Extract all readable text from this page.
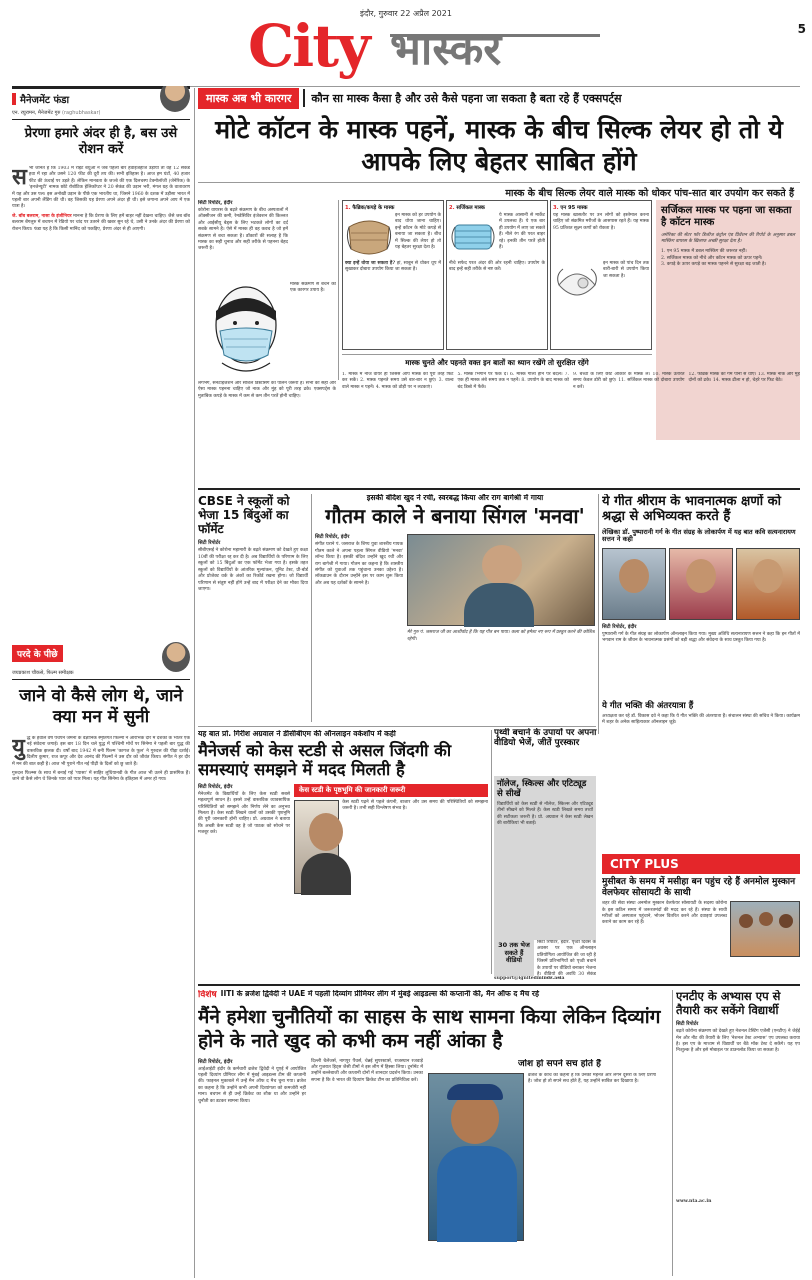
इंदौर, गुरुवार 22 अप्रैल 2021
5
City भास्कर
मैनेजमेंट फंडा
एन. रघुरामन, मैनेजमेंट गुरु (raghubhaskar)
प्रेरणा हमारे अंदर ही है, बस उसे रोशन करें

सभी जानते हैं कि 1903 में राइट बंधुओं ने जब पहली बार हवाईजहाज उड़ाया तो वह 12 सेकंड हवा में रहा और उसने 120 फीट की दूरी तय की। सभी इतिहास है। आज हम घंटों, 40 हजार फीट की ऊंचाई पर उड़ते हैं। लेकिन मानवता के जज्बे की एक दिलचस्प टेक्नोलॉजी (जेनेरिक) के 'इनजेन्यूटी' नामक छोटे रोबोटिक हेलिकॉप्टर ने 20 सेकंड की उड़ान भरी, मंगल ग्रह के वातावरण में यह और उस पल। इस अनोखी उड़ान के पीछे एक भारतीय था, जिसने 1960 के दशक में उड़ीसा भारत में पहली बार अपनी लैंडिंग की थी। वह जिसकी यह प्रेरणा अपने अंदर ही थी। इसे जगाना अपने आप में एक यात्रा है।

जे. बॉब बलराम, नासा के इंजीनियर मानना है कि प्रेरणा के लिए हमें बाहर नहीं देखना चाहिए। जैसे जब बॉब बलराम बेंगलुरु में बचपन में रेडियो पर चांद पर उतरने की खबर सुन रहे थे, उसी ने उनके अंदर की प्रेरणा को रोशन किया। फंडा यह है कि किसी मानिंद को पकड़िए, प्रेरणा अंदर से ही आएगी।

परदे के पीछे
जयप्रकाश चौकसे, फिल्म समीक्षक
जाने वो कैसे लोग थे, जाने क्या मन में सुनी

युद्ध के हवाले वर्ष पचपन जर्मनी के वैज्ञानिक स्मृतिगत फिल्मों ने आरंभिक दौर में दर्शकों के भीतर एक नई संवेदना जगाई। इस बार 18 दिन चले युद्ध में पश्चिमी मोर्चे पर सिनेमा ने पहली बार युद्ध की वास्तविक झलक दी। वर्षों बाद 1942 में बनी फिल्म 'कागज के फूल' ने गुरुदत्त की पीड़ा दर्शाई। दिलीप कुमार, राज कपूर और देव आनंद की फिल्मों ने उस दौर को जीवंत किया। संगीत ने हर दौर में मन की बात कही है। आज भी पुराने गीत नई पीढ़ी के दिलों को छू जाते हैं।

गुरुदत्त फिल्म्स के साथ में बनाई गई 'प्यासा' में साहिर लुधियानवी के गीत आज भी उतने ही प्रासंगिक हैं। जाने वो कैसे लोग थे जिनके प्यार को प्यार मिला। यह गीत सिनेमा के इतिहास में अमर हो गया।

मास्क अब भी कारगर	कौन सा मास्क कैसा है और उसे कैसे पहना जा सकता है बता रहे हैं एक्सपर्ट्स
मोटे कॉटन के मास्क पहनें, मास्क के बीच सिल्क लेयर हो तो ये आपके लिए बेहतर साबित होंगे
मास्क के बीच सिल्क लेयर वाले मास्क को धोकर पांच-सात बार उपयोग कर सकते हैं
सिटी रिपोर्टर, इंदौर
कोरोना वायरस के बढ़ते संक्रमण के बीच अस्पतालों में ऑक्सीजन की कमी, रेमडेसिविर इंजेक्शन की किल्लत और आईसीयू बेड्स के लिए भटकते लोगों का दर्द सबके सामने है। ऐसे में मास्क ही वह कवच है जो हमें संक्रमण से बचा सकता है। डॉक्टरों की सलाह है कि मास्क का सही चुनाव और सही तरीके से पहनना बेहद जरूरी है।
मास्क संक्रमण से बचने का एक कारगर उपाय है।
लगभग, सेनेटाइजेशन और सोशल डिस्टेंसिंग का पालन जरूरी है। सभी को सही और ऐसा मास्क पहनना चाहिए जो नाक और मुंह को पूरी तरह ढके। एक्सपर्ट्स के मुताबिक कपड़े के मास्क में कम से कम तीन परतें होनी चाहिए।
1. फैब्रिक/कपड़े के मास्क
इन मास्क को हर उपयोग के बाद धोया जाना चाहिए। इन्हें कॉटन के मोटे कपड़े से बनाया जा सकता है। बीच में सिल्क की लेयर हो तो यह बेहतर सुरक्षा देता है।
क्या इन्हें धोया जा सकता है? हां, साबुन से धोकर धूप में सुखाकर दोबारा उपयोग किया जा सकता है।
2. सर्जिकल मास्क
ये मास्क आसानी से मार्केट में उपलब्ध हैं। ये एक बार ही उपयोग में लाए जा सकते हैं। नीले रंग की परत बाहर रहे। इनकी तीन परतें होती हैं।
नीचे सफेद परत अंदर की ओर रहनी चाहिए। उपयोग के बाद इन्हें सही तरीके से नष्ट करें।
3. एन 95 मास्क
यह मास्क खासतौर पर उन लोगों को इस्तेमाल करना चाहिए जो संक्रमित मरीजों के आसपास रहते हैं। यह मास्क 95 प्रतिशत सूक्ष्म कणों को रोकता है।
इन मास्क को पांच दिन तक बारी-बारी से उपयोग किया जा सकता है।
सर्जिकल मास्क पर पहना जा सकता है कॉटन मास्क
अमेरिका की सेंटर फॉर डिजीज कंट्रोल एंड प्रिवेंशन की रिपोर्ट के अनुसार डबल मास्किंग वायरस के खिलाफ अच्छी सुरक्षा देता है।
1. एन 95 मास्क में डबल मास्किंग की जरूरत नहीं।
2. सर्जिकल मास्क को नीचे और कॉटन मास्क को ऊपर पहनें।
3. कपड़े के ऊपर कपड़े का मास्क पहनने से सुरक्षा बढ़ जाती है।
मास्क चुनते और पहनते वक्त इन बातों का ध्यान रखेंगे तो सुरक्षित रहेंगे
1. मास्क में नोज वायर हो जिससे आप मास्क को पूरी तरह फिट कर सकें। 2. मास्क पहनते समय उसे बार-बार न छुएं। 3. वाल्व वाले मास्क न पहनें। 4. मास्क को ठोड़ी पर न लटकाएं।
5. मास्क भिगोने पर फेंक दें। 6. मास्क गीला होने पर बदलें। 7. एक ही मास्क लंबे समय तक न पहनें। 8. उपयोग के बाद मास्क को बंद डिब्बे में फेंकें।
9. बच्चों के लिए छोटे आकार के मास्क लें। 10. मास्क उतारते समय केवल डोरी को छुएं। 11. सर्जिकल मास्क को दोबारा उपयोग न करें।
12. फैब्रिक मास्क को गर्म पानी से धोएं। 13. मास्क नाक और मुंह दोनों को ढके। 14. मास्क ढीला न हो, चेहरे पर फिट बैठे।
CBSE ने स्कूलों को भेजा 15 बिंदुओं का फॉर्मेट
सिटी रिपोर्टर
सीबीएसई ने कोरोना महामारी के बढ़ते संक्रमण को देखते हुए कक्षा 10वीं की परीक्षा रद्द कर दी है। अब विद्यार्थियों के परिणाम के लिए स्कूलों को 15 बिंदुओं का एक फॉर्मेट भेजा गया है। इसके तहत स्कूलों को विद्यार्थियों के आंतरिक मूल्यांकन, यूनिट टेस्ट, प्री-बोर्ड और प्रोजेक्ट वर्क के अंकों का रिकॉर्ड रखना होगा। जो विद्यार्थी परिणाम से संतुष्ट नहीं होंगे उन्हें बाद में परीक्षा देने का मौका दिया जाएगा।
इसकी बंदिश खुद ने रची, स्वरबद्ध किया और राग बागेश्री में गाया
गौतम काले ने बनाया सिंगल 'मनवा'
सिटी रिपोर्टर, इंदौर
संगीत घराने पं. जसराज के शिष्य युवा शास्त्रीय गायक गौतम काले ने अपना पहला सिंगल वीडियो 'मनवा' लॉन्च किया है। इसकी बंदिश उन्होंने खुद रची और राग बागेश्री में गाया। गौतम का कहना है कि शास्त्रीय संगीत को युवाओं तक पहुंचाना उनका उद्देश्य है। लॉकडाउन के दौरान उन्होंने इस पर काम शुरू किया और अब यह दर्शकों के सामने है।
मेरे गुरु पं. जसराज जी का आशीर्वाद है कि यह गीत बन पाया। कला को हमेशा नए रूप में प्रस्तुत करने की कोशिश रहेगी।
ये गीत श्रीराम के भावनात्मक क्षणों को श्रद्धा से अभिव्यक्त करते हैं
लेखिका डॉ. पुष्पारानी गर्ग के गीत संग्रह के लोकार्पण में यह बात कवि सत्यनारायण सत्तन ने कही
सिटी रिपोर्टर, इंदौर
पुष्पारानी गर्ग के गीत संग्रह का लोकार्पण ऑनलाइन किया गया। मुख्य अतिथि सत्यनारायण सत्तन ने कहा कि इन गीतों में भगवान राम के जीवन के भावनात्मक प्रसंगों को बड़ी श्रद्धा और संवेदना के साथ प्रस्तुत किया गया है।
ये गीत भक्ति की अंतरयात्रा हैं
अध्यक्षता कर रहे डॉ. विकास दवे ने कहा कि ये गीत भक्ति की अंतरयात्रा हैं। संचालन संस्था की सचिव ने किया। कार्यक्रम में शहर के अनेक साहित्यकार ऑनलाइन जुड़े।
यह बात प्रो. गिरीश अग्रवाल ने डीसीबीएम की ऑनलाइन वर्कशॉप में कही
मैनेजर्स को केस स्टडी से असल जिंदगी की समस्याएं समझने में मदद मिलती है
सिटी रिपोर्टर, इंदौर
मैनेजमेंट के विद्यार्थियों के लिए केस स्टडी सबसे महत्वपूर्ण साधन है। इससे उन्हें वास्तविक व्यावसायिक परिस्थितियों को समझने और निर्णय लेने का अनुभव मिलता है। केस स्टडी लिखने वालों को उसकी पृष्ठभूमि की पूरी जानकारी होनी चाहिए। प्रो. अग्रवाल ने बताया कि अच्छी केस स्टडी वह है जो पाठक को सोचने पर मजबूर करे।
केस स्टडी के पृष्ठभूमि की जानकारी जरूरी
केस स्टडी पढ़ने से पहले कंपनी, बाजार और उस समय की परिस्थितियों को समझना जरूरी है। तभी सही विश्लेषण संभव है।
नॉलेज, स्किल्स और एटिट्यूड से सीखें
विद्यार्थियों को केस स्टडी से नॉलेज, स्किल्स और एटिट्यूड तीनों सीखने को मिलते हैं। केस स्टडी लिखते समय तथ्यों की सटीकता जरूरी है। प्रो. अग्रवाल ने केस स्टडी लेखन की बारीकियां भी बताईं।
पृथ्वी बचाने के उपायों पर अपना वीडियो भेजें, जीतें पुरस्कार
CITY PLUS
मुसीबत के समय में मसीहा बन पहुंच रहे हैं अनमोल मुस्कान वेलफेयर सोसायटी के साथी
शहर की सेवा संस्था अनमोल मुस्कान वेलफेयर सोसायटी के सदस्य कोरोना के इस कठिन समय में जरूरतमंदों की मदद कर रहे हैं। संस्था के साथी मरीजों को अस्पताल पहुंचाने, भोजन वितरित करने और दवाइयां उपलब्ध कराने का काम कर रहे हैं।
विशेष IITI के ब्रजेश द्विवेदी ने UAE में पहली दिव्यांग प्रीमियर लीग में मुंबई आइडल्स की कप्तानी की, मैन ऑफ द मैच रहे
मैंने हमेशा चुनौतियों का साहस के साथ सामना किया लेकिन दिव्यांग होने के नाते खुद को कभी कम नहीं आंका है
सिटी रिपोर्टर, इंदौर
आईआईटी इंदौर के कर्मचारी ब्रजेश द्विवेदी ने यूएई में आयोजित पहली दिव्यांग प्रीमियर लीग में मुंबई आइडल्स टीम की कप्तानी की। फाइनल मुकाबले में उन्हें मैन ऑफ द मैच चुना गया। ब्रजेश का कहना है कि उन्होंने कभी अपनी दिव्यांगता को कमजोरी नहीं माना। बचपन से ही उन्हें क्रिकेट का शौक था और उन्होंने हर चुनौती का डटकर सामना किया।
दिल्ली चैलेंजर्स, नागपुर पैंथर्स, चेन्नई सुपरस्टार्स, राजस्थान रजवाड़े और गुजरात हिट्स जैसी टीमों ने इस लीग में हिस्सा लिया। टूर्नामेंट में उन्होंने बल्लेबाजी और कप्तानी दोनों में शानदार प्रदर्शन किया। उनका सपना है कि वे भारत की दिव्यांग क्रिकेट टीम का प्रतिनिधित्व करें।
जोश हो सपने सच होते हैं
ब्रजेश के कोच का कहना है कि उनकी मेहनत और लगन दूसरों के लिए प्रेरणा है। जोश हो तो सपने सच होते हैं, यह उन्होंने साबित कर दिखाया है।
एनटीए के अभ्यास एप से तैयारी कर सकेंगे विद्यार्थी
सिटी रिपोर्टर
बढ़ते कोरोना संक्रमण को देखते हुए नेशनल टेस्टिंग एजेंसी (एनटीए) ने जेईई मेन और नीट की तैयारी के लिए 'नेशनल टेस्ट अभ्यास' एप उपलब्ध कराया है। इस एप के माध्यम से विद्यार्थी घर बैठे मॉक टेस्ट दे सकेंगे। यह एप निःशुल्क है और इसे मोबाइल पर डाउनलोड किया जा सकता है।
www.nta.ac.in
30 तक भेज सकते हैं वीडियो
सिटी रिपोर्टर, इंदौर. पृथ्वी दिवस के अवसर पर एक ऑनलाइन प्रतियोगिता आयोजित की जा रही है जिसमें प्रतिभागियों को पृथ्वी बचाने के उपायों पर वीडियो बनाकर भेजना है। वीडियो की अवधि 30 सेकंड
support@ignitedmindz.asia
